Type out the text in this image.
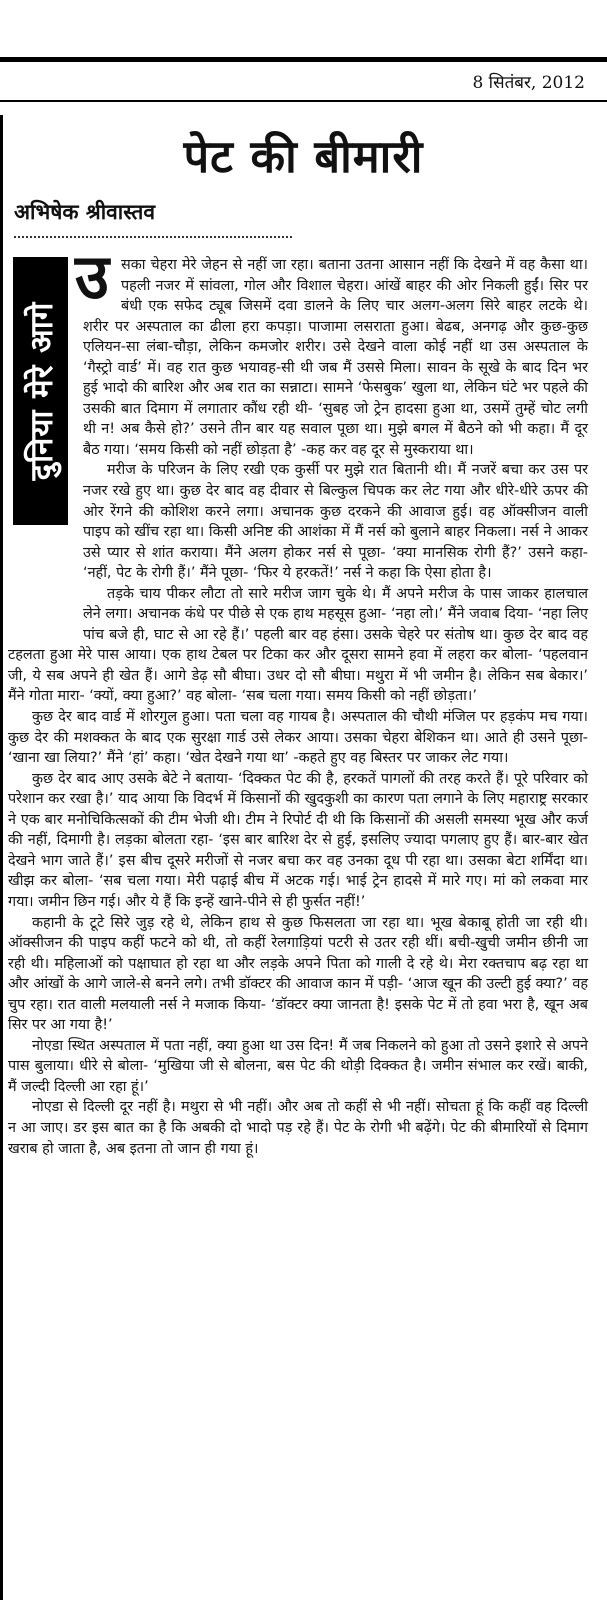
8 सितंबर, 2012
पेट की बीमारी
अभिषेक श्रीवास्तव
दुनिया मेरे आगे
उ सका चेहरा मेरे जेहन से नहीं जा रहा। बताना उतना आसान नहीं कि देखने में वह कैसा था। पहली नजर में सांवला, गोल और विशाल चेहरा। आंखें बाहर की ओर निकली हुईं। सिर पर बंधी एक सफेद ट्यूब जिसमें दवा डालने के लिए चार अलग-अलग सिरे बाहर लटके थे। शरीर पर अस्पताल का ढीला हरा कपड़ा। पाजामा लसराता हुआ। बेढब, अनगढ़ और कुछ-कुछ एलियन-सा लंबा-चौड़ा, लेकिन कमजोर शरीर। उसे देखने वाला कोई नहीं था उस अस्पताल के ‘गैस्ट्रो वार्ड’ में। वह रात कुछ भयावह-सी थी जब मैं उससे मिला। सावन के सूखे के बाद दिन भर हुई भादो की बारिश और अब रात का सन्नाटा। सामने ‘फेसबुक’ खुला था, लेकिन घंटे भर पहले की उसकी बात दिमाग में लगातार कौंध रही थी- ‘सुबह जो ट्रेन हादसा हुआ था, उसमें तुम्हें चोट लगी थी न! अब कैसे हो?’ उसने तीन बार यह सवाल पूछा था। मुझे बगल में बैठने को भी कहा। मैं दूर बैठ गया। ‘समय किसी को नहीं छोड़ता है’ -कह कर वह दूर से मुस्कराया था।

मरीज के परिजन के लिए रखी एक कुर्सी पर मुझे रात बितानी थी। मैं नजरें बचा कर उस पर नजर रखे हुए था। कुछ देर बाद वह दीवार से बिल्कुल चिपक कर लेट गया और धीरे-धीरे ऊपर की ओर रेंगने की कोशिश करने लगा। अचानक कुछ दरकने की आवाज हुई। वह ऑक्सीजन वाली पाइप को खींच रहा था। किसी अनिष्ट की आशंका में मैं नर्स को बुलाने बाहर निकला। नर्स ने आकर उसे प्यार से शांत कराया। मैंने अलग होकर नर्स से पूछा- ‘क्या मानसिक रोगी हैं?’ उसने कहा- ‘नहीं, पेट के रोगी हैं।’ मैंने पूछा- ‘फिर ये हरकतें!’ नर्स ने कहा कि ऐसा होता है।

तड़के चाय पीकर लौटा तो सारे मरीज जाग चुके थे। मैं अपने मरीज के पास जाकर हालचाल लेने लगा। अचानक कंधे पर पीछे से एक हाथ महसूस हुआ- ‘नहा लो।’ मैंने जवाब दिया- ‘नहा लिए पांच बजे ही, घाट से आ रहे हैं।’ पहली बार वह हंसा। उसके चेहरे पर संतोष था। कुछ देर बाद वह टहलता हुआ मेरे पास आया। एक हाथ टेबल पर टिका कर और दूसरा सामने हवा में लहरा कर बोला- ‘पहलवान जी, ये सब अपने ही खेत हैं। आगे डेढ़ सौ बीघा। उधर दो सौ बीघा। मथुरा में भी जमीन है। लेकिन सब बेकार।’ मैंने गोता मारा- ‘क्यों, क्या हुआ?’ वह बोला- ‘सब चला गया। समय किसी को नहीं छोड़ता।’

कुछ देर बाद वार्ड में शोरगुल हुआ। पता चला वह गायब है। अस्पताल की चौथी मंजिल पर हड़कंप मच गया। कुछ देर की मशक्कत के बाद एक सुरक्षा गार्ड उसे लेकर आया। उसका चेहरा बेशिकन था। आते ही उसने पूछा- ‘खाना खा लिया?’ मैंने ‘हां’ कहा। ‘खेत देखने गया था’ -कहते हुए वह बिस्तर पर जाकर लेट गया।

कुछ देर बाद आए उसके बेटे ने बताया- ‘दिक्कत पेट की है, हरकतें पागलों की तरह करते हैं। पूरे परिवार को परेशान कर रखा है।’ याद आया कि विदर्भ में किसानों की खुदकुशी का कारण पता लगाने के लिए महाराष्ट्र सरकार ने एक बार मनोचिकित्सकों की टीम भेजी थी। टीम ने रिपोर्ट दी थी कि किसानों की असली समस्या भूख और कर्ज की नहीं, दिमागी है। लड़का बोलता रहा- ‘इस बार बारिश देर से हुई, इसलिए ज्यादा पगलाए हुए हैं। बार-बार खेत देखने भाग जाते हैं।’ इस बीच दूसरे मरीजों से नजर बचा कर वह उनका दूध पी रहा था। उसका बेटा शर्मिंदा था। खीझ कर बोला- ‘सब चला गया। मेरी पढ़ाई बीच में अटक गई। भाई ट्रेन हादसे में मारे गए। मां को लकवा मार गया। जमीन छिन गई। और ये हैं कि इन्हें खाने-पीने से ही फुर्सत नहीं!’

कहानी के टूटे सिरे जुड़ रहे थे, लेकिन हाथ से कुछ फिसलता जा रहा था। भूख बेकाबू होती जा रही थी। ऑक्सीजन की पाइप कहीं फटने को थी, तो कहीं रेलगाड़ियां पटरी से उतर रही थीं। बची-खुची जमीन छीनी जा रही थी। महिलाओं को पक्षाघात हो रहा था और लड़के अपने पिता को गाली दे रहे थे। मेरा रक्तचाप बढ़ रहा था और आंखों के आगे जाले-से बनने लगे। तभी डॉक्टर की आवाज कान में पड़ी- ‘आज खून की उल्टी हुई क्या?’ वह चुप रहा। रात वाली मलयाली नर्स ने मजाक किया- ‘डॉक्टर क्या जानता है! इसके पेट में तो हवा भरा है, खून अब सिर पर आ गया है!’

नोएडा स्थित अस्पताल में पता नहीं, क्या हुआ था उस दिन! मैं जब निकलने को हुआ तो उसने इशारे से अपने पास बुलाया। धीरे से बोला- ‘मुखिया जी से बोलना, बस पेट की थोड़ी दिक्कत है। जमीन संभाल कर रखें। बाकी, मैं जल्दी दिल्ली आ रहा हूं।’

नोएडा से दिल्ली दूर नहीं है। मथुरा से भी नहीं। और अब तो कहीं से भी नहीं। सोचता हूं कि कहीं वह दिल्ली न आ जाए। डर इस बात का है कि अबकी दो भादो पड़ रहे हैं। पेट के रोगी भी बढ़ेंगे। पेट की बीमारियों से दिमाग खराब हो जाता है, अब इतना तो जान ही गया हूं।
